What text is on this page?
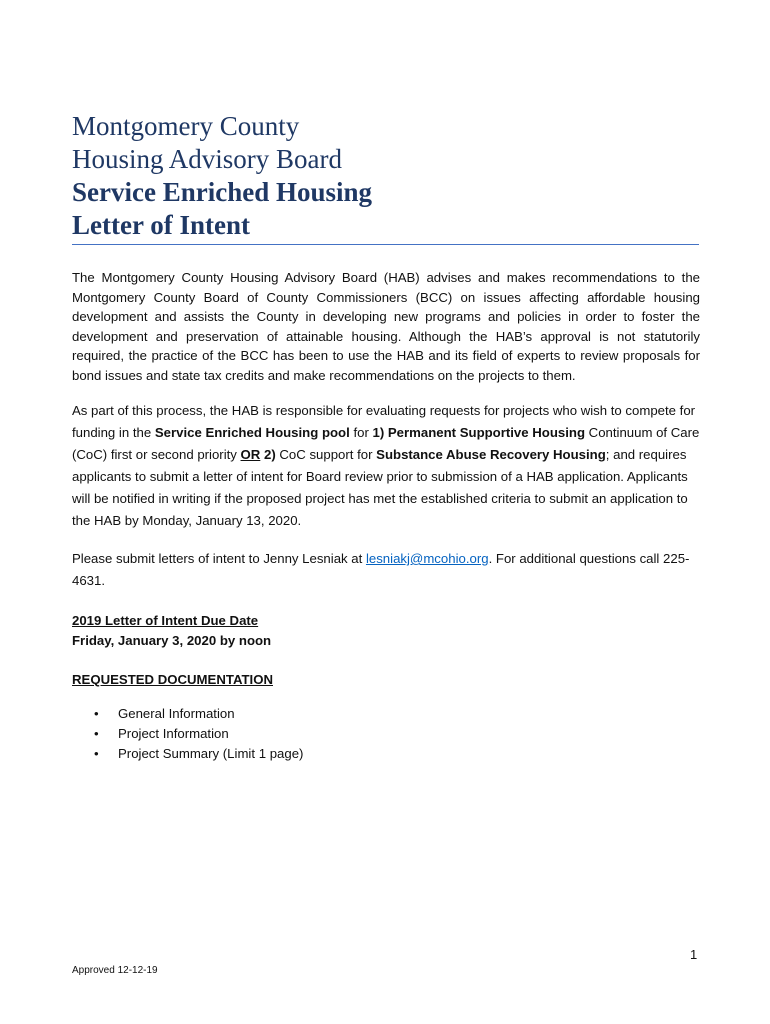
Montgomery County
Housing Advisory Board
Service Enriched Housing
Letter of Intent

The Montgomery County Housing Advisory Board (HAB) advises and makes recommendations to the Montgomery County Board of County Commissioners (BCC) on issues affecting affordable housing development and assists the County in developing new programs and policies in order to foster the development and preservation of attainable housing. Although the HAB’s approval is not statutorily required, the practice of the BCC has been to use the HAB and its field of experts to review proposals for bond issues and state tax credits and make recommendations on the projects to them.

As part of this process, the HAB is responsible for evaluating requests for projects who wish to compete for funding in the Service Enriched Housing pool for 1) Permanent Supportive Housing Continuum of Care (CoC) first or second priority OR 2) CoC support for Substance Abuse Recovery Housing; and requires applicants to submit a letter of intent for Board review prior to submission of a HAB application. Applicants will be notified in writing if the proposed project has met the established criteria to submit an application to the HAB by Monday, January 13, 2020.

Please submit letters of intent to Jenny Lesniak at lesniakj@mcohio.org. For additional questions call 225-4631.

2019 Letter of Intent Due Date
Friday, January 3, 2020 by noon
REQUESTED DOCUMENTATION
• General Information
• Project Information
• Project Summary (Limit 1 page)
1
Approved 12-12-19
